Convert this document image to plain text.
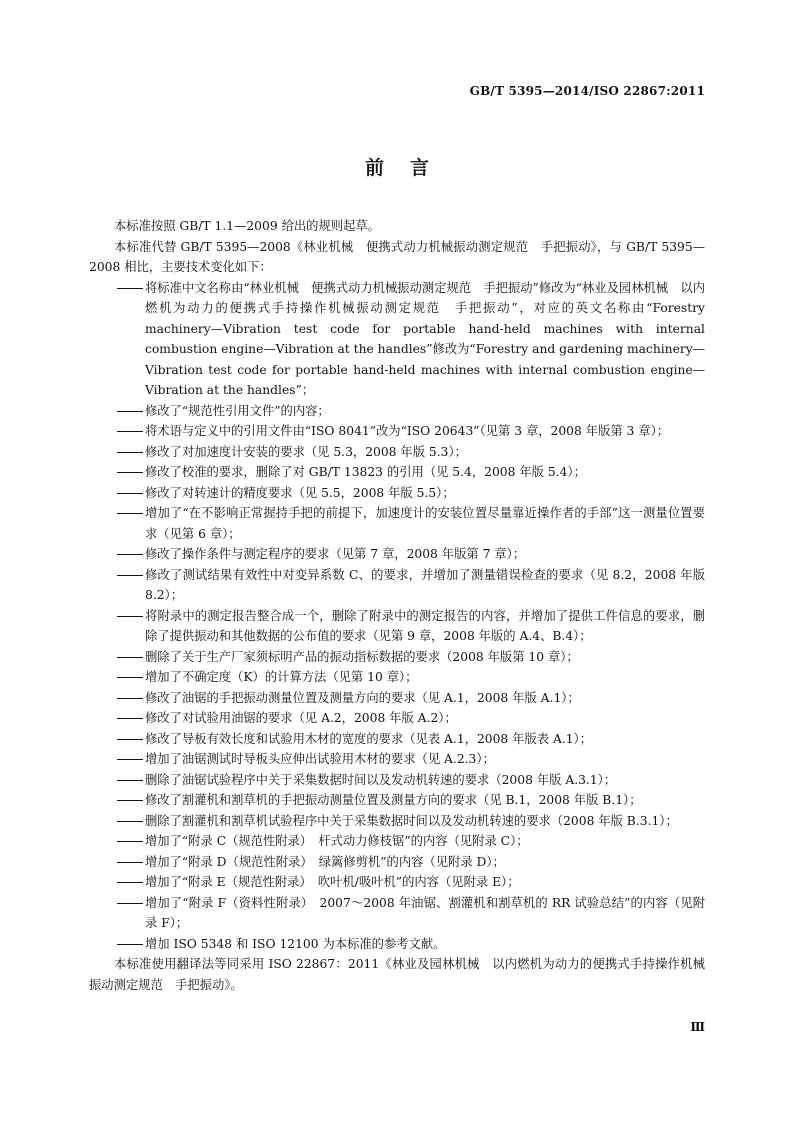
GB/T 5395—2014/ISO 22867:2011
前言

本标准按照 GB/T 1.1—2009 给出的规则起草。

本标准代替 GB/T 5395—2008《林业机械　便携式动力机械振动测定规范　手把振动》，与 GB/T 5395—2008 相比，主要技术变化如下：

将标准中文名称由“林业机械　便携式动力机械振动测定规范　手把振动”修改为“林业及园林机械　以内燃机为动力的便携式手持操作机械振动测定规范　手把振动”，对应的英文名称由“Forestry machinery—Vibration test code for portable hand-held machines with internal combustion engine—Vibration at the handles”修改为“Forestry and gardening machinery—Vibration test code for portable hand-held machines with internal combustion engine—Vibration at the handles”；
修改了“规范性引用文件”的内容；
将术语与定义中的引用文件由“ISO 8041”改为“ISO 20643”（见第 3 章，2008 年版第 3 章）；
修改了对加速度计安装的要求（见 5.3，2008 年版 5.3）；
修改了校准的要求，删除了对 GB/T 13823 的引用（见 5.4，2008 年版 5.4）；
修改了对转速计的精度要求（见 5.5，2008 年版 5.5）；
增加了“在不影响正常握持手把的前提下，加速度计的安装位置尽量靠近操作者的手部”这一测量位置要求（见第 6 章）；
修改了操作条件与测定程序的要求（见第 7 章，2008 年版第 7 章）；
修改了测试结果有效性中对变异系数 C、的要求，并增加了测量错误检查的要求（见 8.2，2008 年版 8.2）；
将附录中的测定报告整合成一个，删除了附录中的测定报告的内容，并增加了提供工件信息的要求，删除了提供振动和其他数据的公布值的要求（见第 9 章，2008 年版的 A.4、B.4）；
删除了关于生产厂家须标明产品的振动指标数据的要求（2008 年版第 10 章）；
增加了不确定度（K）的计算方法（见第 10 章）；
修改了油锯的手把振动测量位置及测量方向的要求（见 A.1，2008 年版 A.1）；
修改了对试验用油锯的要求（见 A.2，2008 年版 A.2）；
修改了导板有效长度和试验用木材的宽度的要求（见表 A.1，2008 年版表 A.1）；
增加了油锯测试时导板头应伸出试验用木材的要求（见 A.2.3）；
删除了油锯试验程序中关于采集数据时间以及发动机转速的要求（2008 年版 A.3.1）；
修改了割灌机和割草机的手把振动测量位置及测量方向的要求（见 B.1，2008 年版 B.1）；
删除了割灌机和割草机试验程序中关于采集数据时间以及发动机转速的要求（2008 年版 B.3.1）；
增加了“附录 C（规范性附录）　杆式动力修枝锯”的内容（见附录 C）；
增加了“附录 D（规范性附录）　绿篱修剪机”的内容（见附录 D）；
增加了“附录 E（规范性附录）　吹叶机/吸叶机”的内容（见附录 E）；
增加了“附录 F（资料性附录）　2007～2008 年油锯、割灌机和割草机的 RR 试验总结”的内容（见附录 F）；
增加 ISO 5348 和 ISO 12100 为本标准的参考文献。

本标准使用翻译法等同采用 ISO 22867：2011《林业及园林机械　以内燃机为动力的便携式手持操作机械振动测定规范　手把振动》。

Ⅲ
